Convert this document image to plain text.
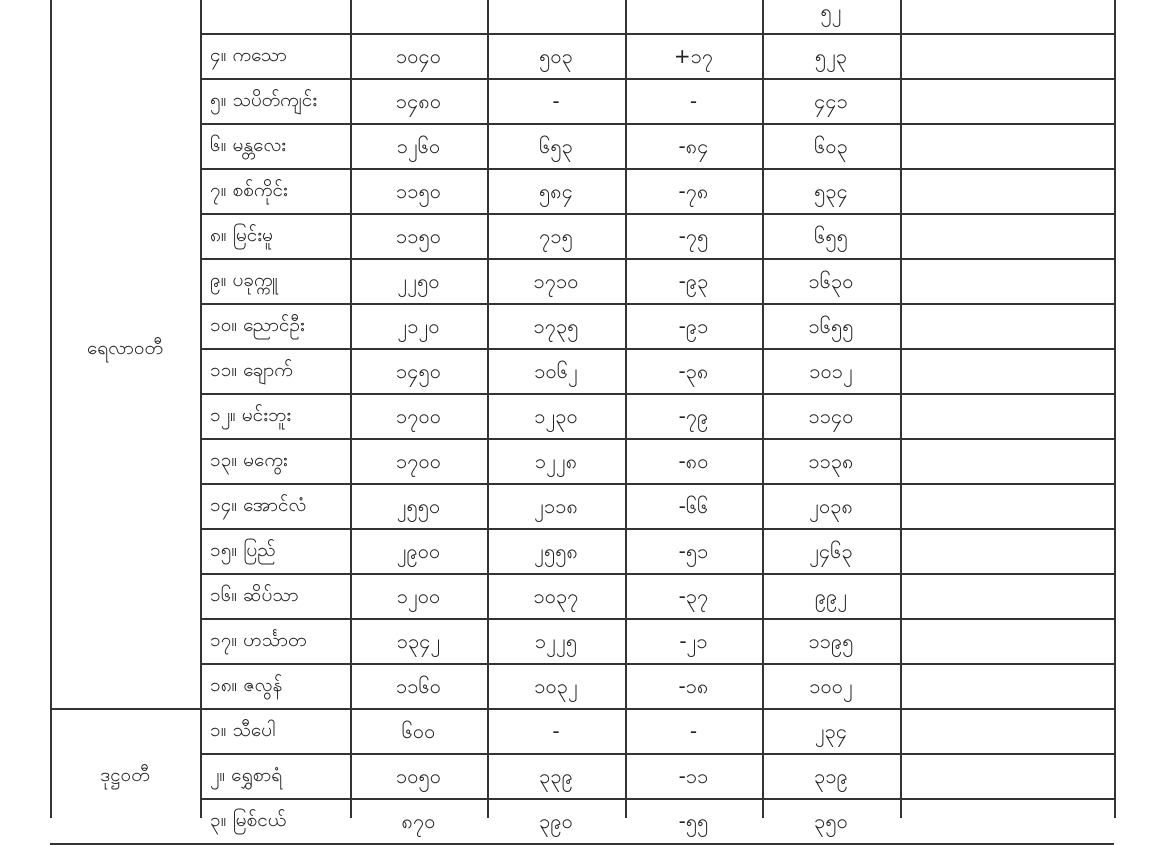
၅၂
၄။ ကသော	၁၀၄၀	၅၀၃	+၁၇	၅၂၃
၅။ သပိတ်ကျင်း	၁၄၈၀	-	-	၄၄၁
၆။ မန္တလေး	၁၂၆၀	၆၅၃	-၈၄	၆၀၃
၇။ စစ်ကိုင်း	၁၁၅၀	၅၈၄	-၇၈	၅၃၄
၈။ မြင်းမူ	၁၁၅၀	၇၁၅	-၇၅	၆၅၅
၉။ ပခုက္ကူ	၂၂၅၀	၁၇၁၀	-၉၃	၁၆၃၀
၁၀။ ညောင်ဦး	၂၁၂၀	၁၇၃၅	-၉၁	၁၆၅၅
၁၁။ ချောက်	၁၄၅၀	၁၀၆၂	-၃၈	၁၀၁၂
၁၂။ မင်းဘူး	၁၇၀၀	၁၂၃၀	-၇၉	၁၁၄၀
၁၃။ မကွေး	၁၇၀၀	၁၂၂၈	-၈၀	၁၁၃၈
၁၄။ အောင်လံ	၂၅၅၀	၂၁၁၈	-၆၆	၂၀၃၈
၁၅။ ပြည်	၂၉၀၀	၂၅၅၈	-၅၁	၂၄၆၃
၁၆။ ဆိပ်သာ	၁၂၀၀	၁၀၃၇	-၃၇	၉၉၂
၁၇။ ဟင်္သာတ	၁၃၄၂	၁၂၂၅	-၂၁	၁၁၉၅
၁၈။ ဇလွန်	၁၁၆၀	၁၀၃၂	-၁၈	၁၀၀၂
ရေလာဝတီ
၁။ သီပေါ	၆၀၀	-	-	၂၃၄
၂။ ရွှေစာရံ	၁၀၅၀	၃၃၉	-၁၁	၃၁၉
၃။ မြစ်ငယ်	၈၇၀	၃၉၀	-၅၅	၃၅၀
ဒုဋ္ဌဝတီ
